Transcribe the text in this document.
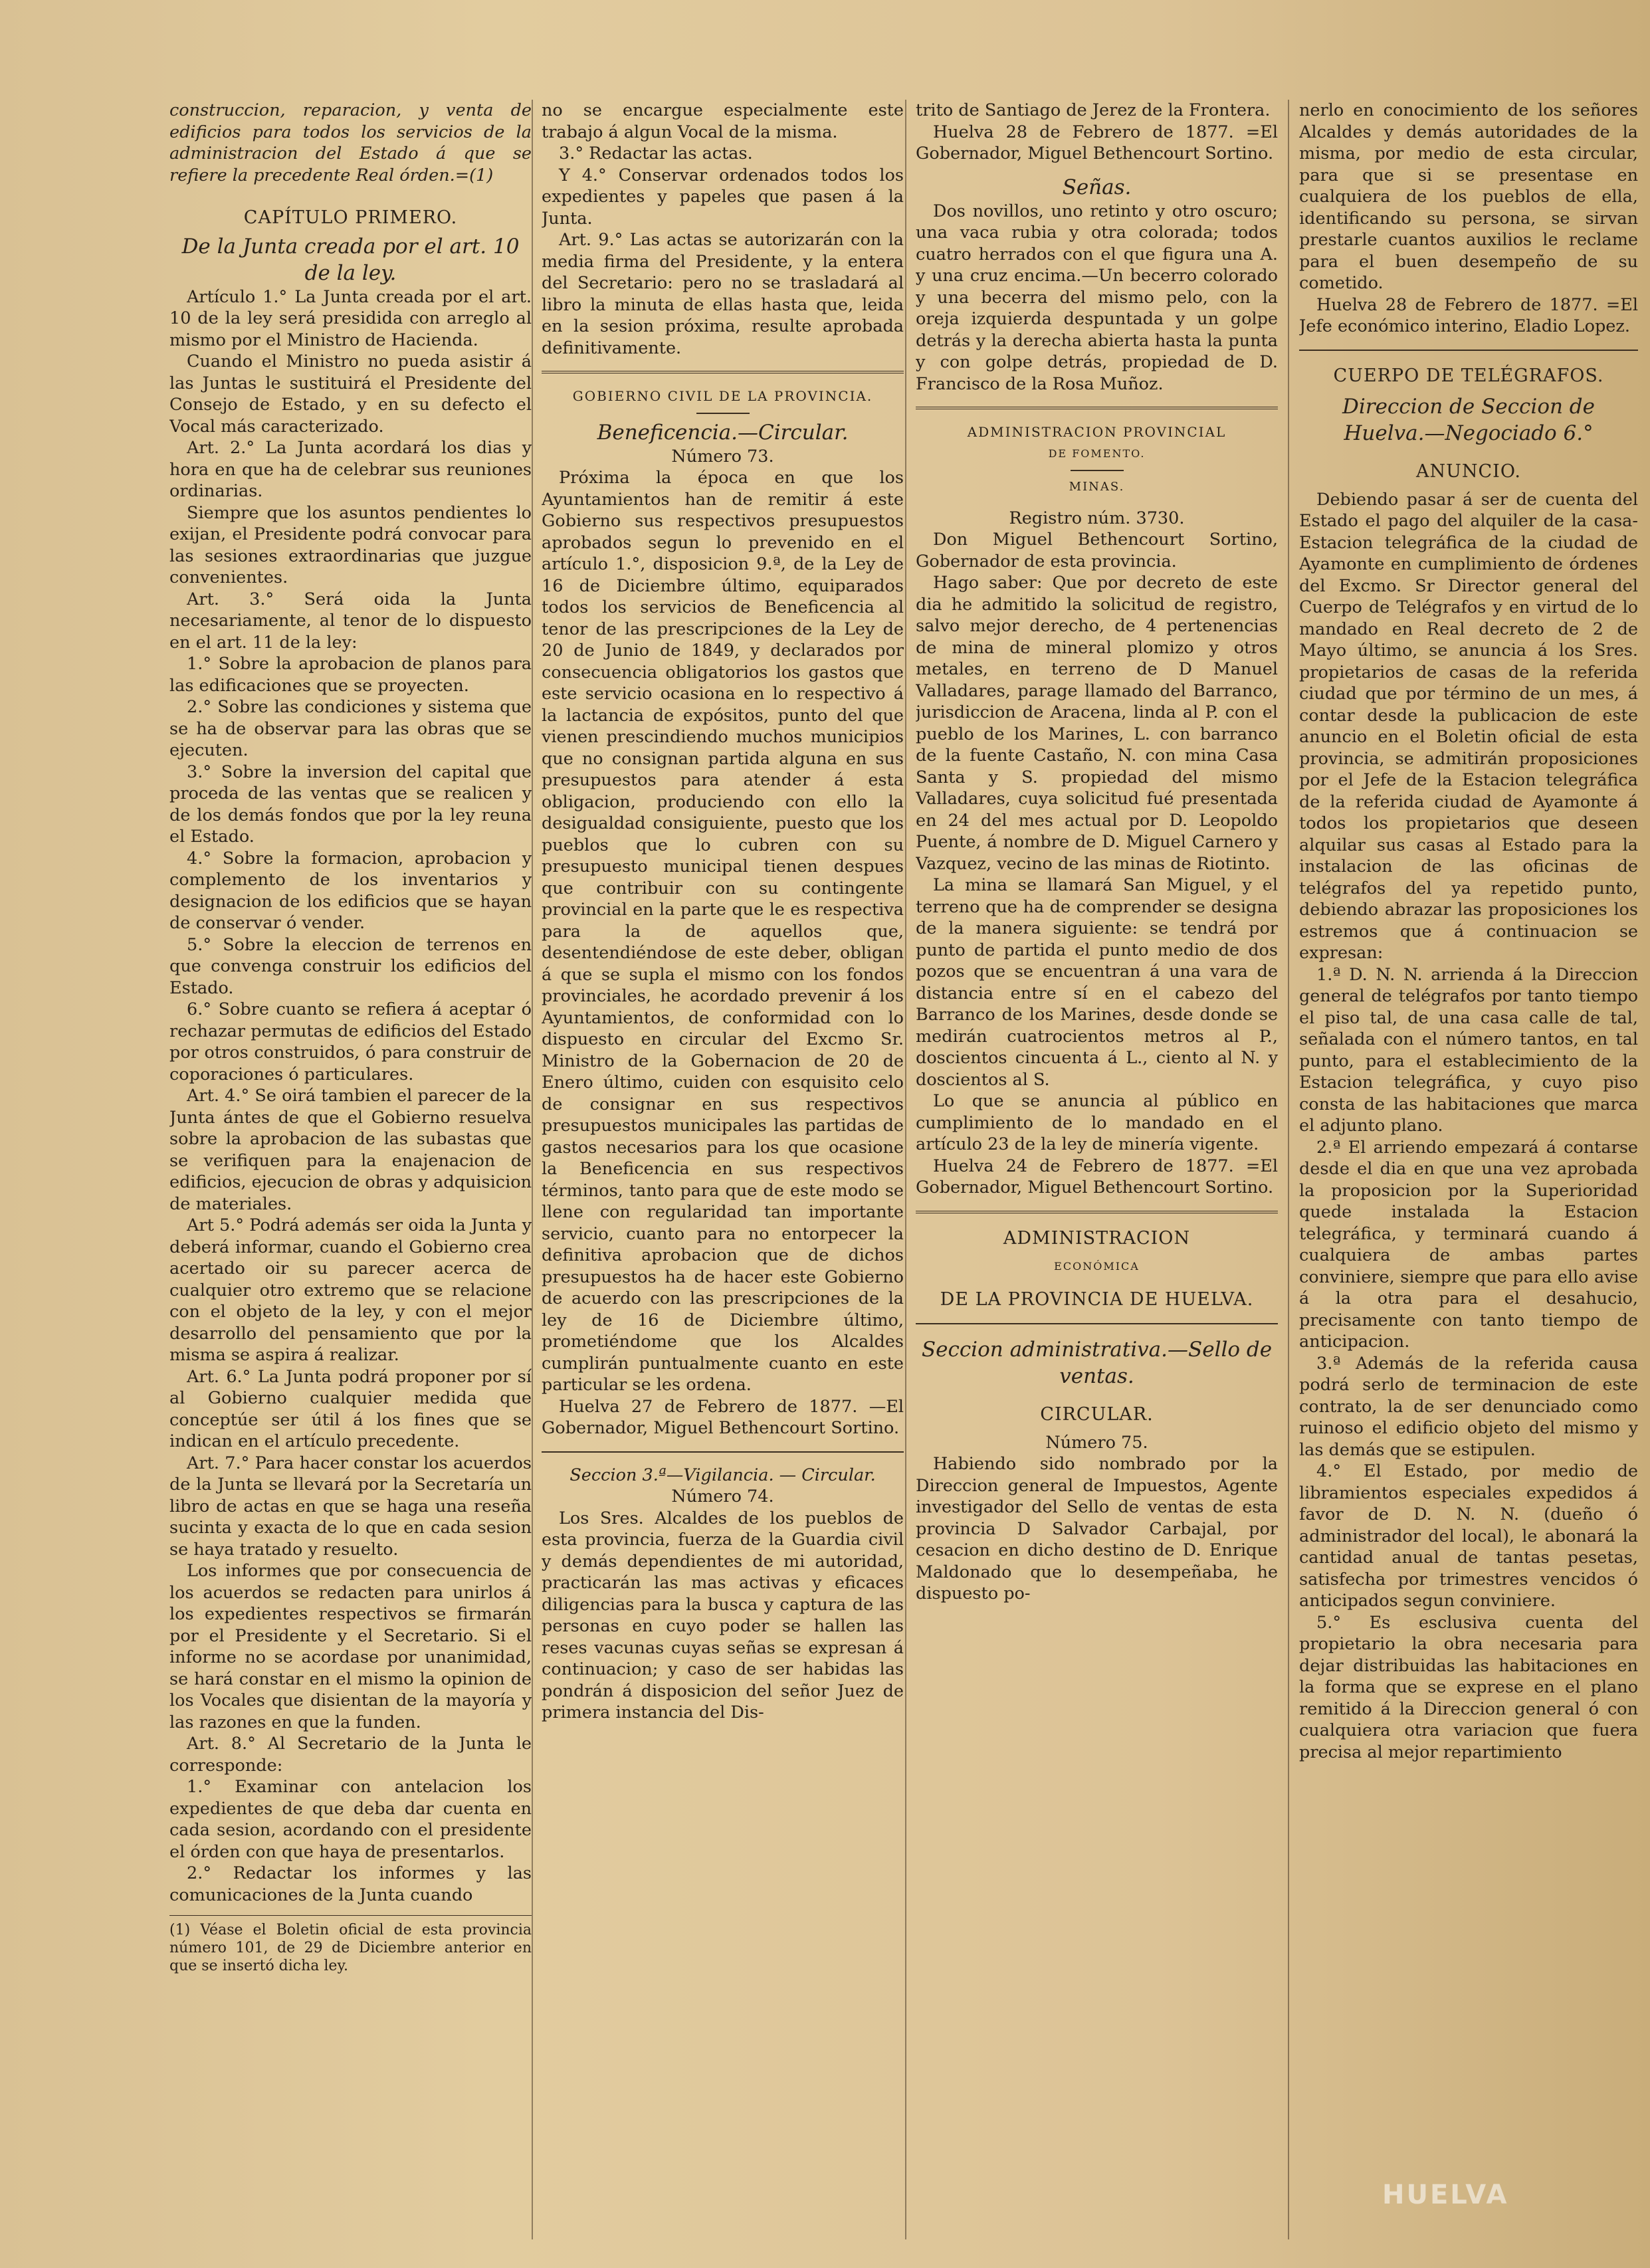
construccion, reparacion, y venta de edificios para todos los servicios de la administracion del Estado á que se refiere la precedente Real órden.=(1)

CAPÍTULO PRIMERO.

De la Junta creada por el art. 10 de la ley.

Artículo 1.° La Junta creada por el art. 10 de la ley será presidida con arreglo al mismo por el Ministro de Hacienda.

Cuando el Ministro no pueda asistir á las Juntas le sustituirá el Presidente del Consejo de Estado, y en su defecto el Vocal más caracterizado.

Art. 2.° La Junta acordará los dias y hora en que ha de celebrar sus reuniones ordinarias.

Siempre que los asuntos pendientes lo exijan, el Presidente podrá convocar para las sesiones extraordinarias que juzgue convenientes.

Art. 3.° Será oida la Junta necesariamente, al tenor de lo dispuesto en el art. 11 de la ley:

1.° Sobre la aprobacion de planos para las edificaciones que se proyecten.

2.° Sobre las condiciones y sistema que se ha de observar para las obras que se ejecuten.

3.° Sobre la inversion del capital que proceda de las ventas que se realicen y de los demás fondos que por la ley reuna el Estado.

4.° Sobre la formacion, aprobacion y complemento de los inventarios y designacion de los edificios que se hayan de conservar ó vender.

5.° Sobre la eleccion de terrenos en que convenga construir los edificios del Estado.

6.° Sobre cuanto se refiera á aceptar ó rechazar permutas de edificios del Estado por otros construidos, ó para construir de coporaciones ó particulares.

Art. 4.° Se oirá tambien el parecer de la Junta ántes de que el Gobierno resuelva sobre la aprobacion de las subastas que se verifiquen para la enajenacion de edificios, ejecucion de obras y adquisicion de materiales.

Art 5.° Podrá además ser oida la Junta y deberá informar, cuando el Gobierno crea acertado oir su parecer acerca de cualquier otro extremo que se relacione con el objeto de la ley, y con el mejor desarrollo del pensamiento que por la misma se aspira á realizar.

Art. 6.° La Junta podrá proponer por sí al Gobierno cualquier medida que conceptúe ser útil á los fines que se indican en el artículo precedente.

Art. 7.° Para hacer constar los acuerdos de la Junta se llevará por la Secretaría un libro de actas en que se haga una reseña sucinta y exacta de lo que en cada sesion se haya tratado y resuelto.

Los informes que por consecuencia de los acuerdos se redacten para unirlos á los expedientes respectivos se firmarán por el Presidente y el Secretario. Si el informe no se acordase por unanimidad, se hará constar en el mismo la opinion de los Vocales que disientan de la mayoría y las razones en que la funden.

Art. 8.° Al Secretario de la Junta le corresponde:

1.° Examinar con antelacion los expedientes de que deba dar cuenta en cada sesion, acordando con el presidente el órden con que haya de presentarlos.

2.° Redactar los informes y las comunicaciones de la Junta cuando

(1) Véase el Boletin oficial de esta provincia número 101, de 29 de Diciembre anterior en que se insertó dicha ley.

no se encargue especialmente este trabajo á algun Vocal de la misma.

3.° Redactar las actas.

Y 4.° Conservar ordenados todos los expedientes y papeles que pasen á la Junta.

Art. 9.° Las actas se autorizarán con la media firma del Presidente, y la entera del Secretario: pero no se trasladará al libro la minuta de ellas hasta que, leida en la sesion próxima, resulte aprobada definitivamente.

GOBIERNO CIVIL DE LA PROVINCIA.

Beneficencia.—Circular.

Número 73.

Próxima la época en que los Ayuntamientos han de remitir á este Gobierno sus respectivos presupuestos aprobados segun lo prevenido en el artículo 1.°, disposicion 9.ª, de la Ley de 16 de Diciembre último, equiparados todos los servicios de Beneficencia al tenor de las prescripciones de la Ley de 20 de Junio de 1849, y declarados por consecuencia obligatorios los gastos que este servicio ocasiona en lo respectivo á la lactancia de expósitos, punto del que vienen prescindiendo muchos municipios que no consignan partida alguna en sus presupuestos para atender á esta obligacion, produciendo con ello la desigualdad consiguiente, puesto que los pueblos que lo cubren con su presupuesto municipal tienen despues que contribuir con su contingente provincial en la parte que le es respectiva para la de aquellos que, desentendiéndose de este deber, obligan á que se supla el mismo con los fondos provinciales, he acordado prevenir á los Ayuntamientos, de conformidad con lo dispuesto en circular del Excmo Sr. Ministro de la Gobernacion de 20 de Enero último, cuiden con esquisito celo de consignar en sus respectivos presupuestos municipales las partidas de gastos necesarios para los que ocasione la Beneficencia en sus respectivos términos, tanto para que de este modo se llene con regularidad tan importante servicio, cuanto para no entorpecer la definitiva aprobacion que de dichos presupuestos ha de hacer este Gobierno de acuerdo con las prescripciones de la ley de 16 de Diciembre último, prometiéndome que los Alcaldes cumplirán puntualmente cuanto en este particular se les ordena.

Huelva 27 de Febrero de 1877. —El Gobernador, Miguel Bethencourt Sortino.

Seccion 3.ª—Vigilancia. — Circular.

Número 74.

Los Sres. Alcaldes de los pueblos de esta provincia, fuerza de la Guardia civil y demás dependientes de mi autoridad, practicarán las mas activas y eficaces diligencias para la busca y captura de las personas en cuyo poder se hallen las reses vacunas cuyas señas se expresan á continuacion; y caso de ser habidas las pondrán á disposicion del señor Juez de primera instancia del Dis-

trito de Santiago de Jerez de la Frontera.

Huelva 28 de Febrero de 1877. =El Gobernador, Miguel Bethencourt Sortino.

Señas.

Dos novillos, uno retinto y otro oscuro; una vaca rubia y otra colorada; todos cuatro herrados con el que figura una A. y una cruz encima.—Un becerro colorado y una becerra del mismo pelo, con la oreja izquierda despuntada y un golpe detrás y la derecha abierta hasta la punta y con golpe detrás, propiedad de D. Francisco de la Rosa Muñoz.

ADMINISTRACION PROVINCIAL

DE FOMENTO.

MINAS.

Registro núm. 3730.

Don Miguel Bethencourt Sortino, Gobernador de esta provincia.

Hago saber: Que por decreto de este dia he admitido la solicitud de registro, salvo mejor derecho, de 4 pertenencias de mina de mineral plomizo y otros metales, en terreno de D Manuel Valladares, parage llamado del Barranco, jurisdiccion de Aracena, linda al P. con el pueblo de los Marines, L. con barranco de la fuente Castaño, N. con mina Casa Santa y S. propiedad del mismo Valladares, cuya solicitud fué presentada en 24 del mes actual por D. Leopoldo Puente, á nombre de D. Miguel Carnero y Vazquez, vecino de las minas de Riotinto.

La mina se llamará San Miguel, y el terreno que ha de comprender se designa de la manera siguiente: se tendrá por punto de partida el punto medio de dos pozos que se encuentran á una vara de distancia entre sí en el cabezo del Barranco de los Marines, desde donde se medirán cuatrocientos metros al P., doscientos cincuenta á L., ciento al N. y doscientos al S.

Lo que se anuncia al público en cumplimiento de lo mandado en el artículo 23 de la ley de minería vigente.

Huelva 24 de Febrero de 1877. =El Gobernador, Miguel Bethencourt Sortino.

ADMINISTRACION

ECONÓMICA

DE LA PROVINCIA DE HUELVA.

Seccion administrativa.—Sello de ventas.

CIRCULAR.

Número 75.

Habiendo sido nombrado por la Direccion general de Impuestos, Agente investigador del Sello de ventas de esta provincia D Salvador Carbajal, por cesacion en dicho destino de D. Enrique Maldonado que lo desempeñaba, he dispuesto po-

nerlo en conocimiento de los señores Alcaldes y demás autoridades de la misma, por medio de esta circular, para que si se presentase en cualquiera de los pueblos de ella, identificando su persona, se sirvan prestarle cuantos auxilios le reclame para el buen desempeño de su cometido.

Huelva 28 de Febrero de 1877. =El Jefe económico interino, Eladio Lopez.

CUERPO DE TELÉGRAFOS.

Direccion de Seccion de Huelva.—Negociado 6.°

ANUNCIO.

Debiendo pasar á ser de cuenta del Estado el pago del alquiler de la casa-Estacion telegráfica de la ciudad de Ayamonte en cumplimiento de órdenes del Excmo. Sr Director general del Cuerpo de Telégrafos y en virtud de lo mandado en Real decreto de 2 de Mayo último, se anuncia á los Sres. propietarios de casas de la referida ciudad que por término de un mes, á contar desde la publicacion de este anuncio en el Boletin oficial de esta provincia, se admitirán proposiciones por el Jefe de la Estacion telegráfica de la referida ciudad de Ayamonte á todos los propietarios que deseen alquilar sus casas al Estado para la instalacion de las oficinas de telégrafos del ya repetido punto, debiendo abrazar las proposiciones los estremos que á continuacion se expresan:

1.ª D. N. N. arrienda á la Direccion general de telégrafos por tanto tiempo el piso tal, de una casa calle de tal, señalada con el número tantos, en tal punto, para el establecimiento de la Estacion telegráfica, y cuyo piso consta de las habitaciones que marca el adjunto plano.

2.ª El arriendo empezará á contarse desde el dia en que una vez aprobada la proposicion por la Superioridad quede instalada la Estacion telegráfica, y terminará cuando á cualquiera de ambas partes conviniere, siempre que para ello avise á la otra para el desahucio, precisamente con tanto tiempo de anticipacion.

3.ª Además de la referida causa podrá serlo de terminacion de este contrato, la de ser denunciado como ruinoso el edificio objeto del mismo y las demás que se estipulen.

4.° El Estado, por medio de libramientos especiales expedidos á favor de D. N. N. (dueño ó administrador del local), le abonará la cantidad anual de tantas pesetas, satisfecha por trimestres vencidos ó anticipados segun conviniere.

5.° Es esclusiva cuenta del propietario la obra necesaria para dejar distribuidas las habitaciones en la forma que se exprese en el plano remitido á la Direccion general ó con cualquiera otra variacion que fuera precisa al mejor repartimiento

HUELVA
